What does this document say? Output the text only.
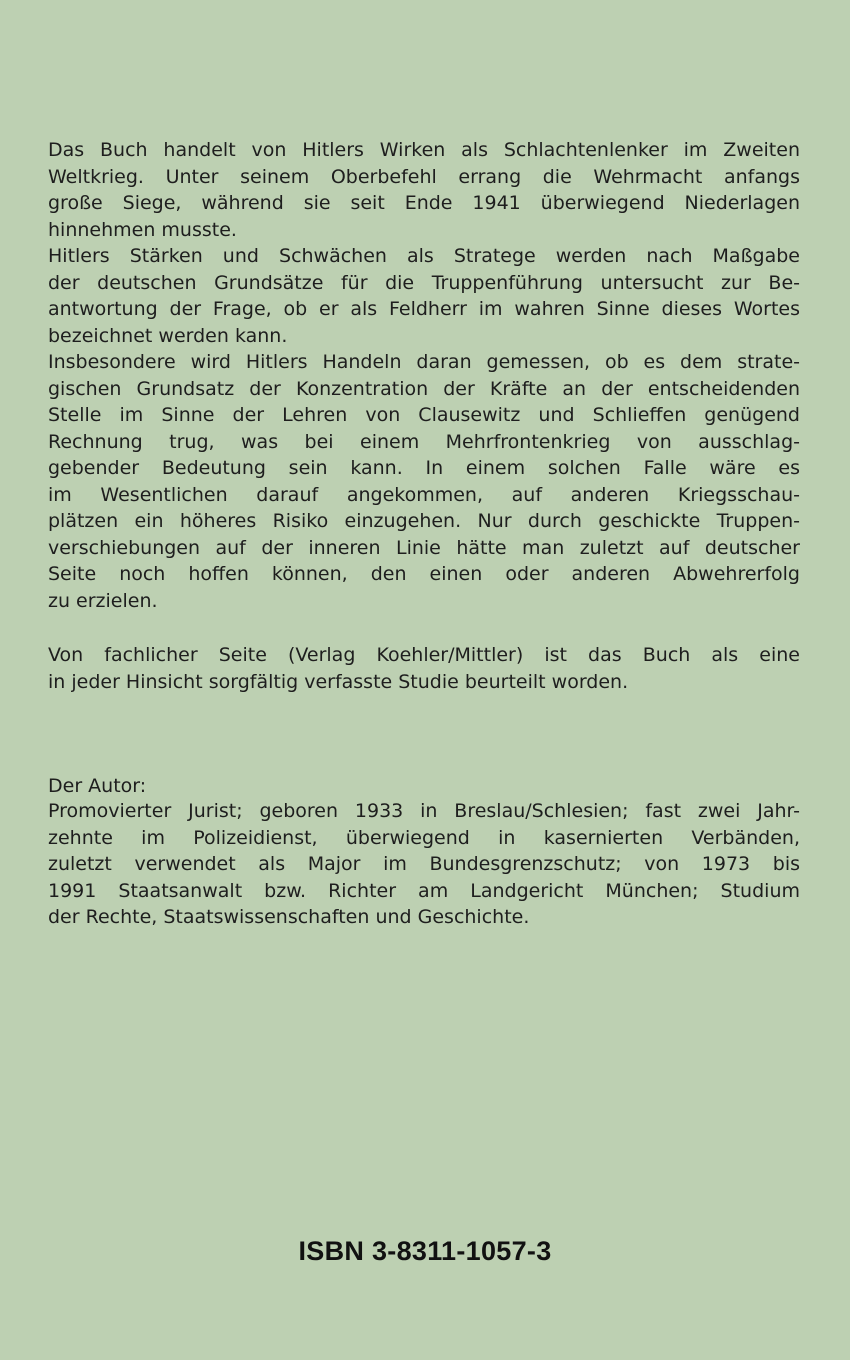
Das Buch handelt von Hitlers Wirken als Schlachtenlenker im Zweiten
Weltkrieg. Unter seinem Oberbefehl errang die Wehrmacht anfangs
große Siege, während sie seit Ende 1941 überwiegend Niederlagen
hinnehmen musste.

Hitlers Stärken und Schwächen als Stratege werden nach Maßgabe
der deutschen Grundsätze für die Truppenführung untersucht zur Be-
antwortung der Frage, ob er als Feldherr im wahren Sinne dieses Wortes
bezeichnet werden kann.

Insbesondere wird Hitlers Handeln daran gemessen, ob es dem strate-
gischen Grundsatz der Konzentration der Kräfte an der entscheidenden
Stelle im Sinne der Lehren von Clausewitz und Schlieffen genügend
Rechnung trug, was bei einem Mehrfrontenkrieg von ausschlag-
gebender Bedeutung sein kann. In einem solchen Falle wäre es
im Wesentlichen darauf angekommen, auf anderen Kriegsschau-
plätzen ein höheres Risiko einzugehen. Nur durch geschickte Truppen-
verschiebungen auf der inneren Linie hätte man zuletzt auf deutscher
Seite noch hoffen können, den einen oder anderen Abwehrerfolg
zu erzielen.

Von fachlicher Seite (Verlag Koehler/Mittler) ist das Buch als eine
in jeder Hinsicht sorgfältig verfasste Studie beurteilt worden.

Der Autor:

Promovierter Jurist; geboren 1933 in Breslau/Schlesien; fast zwei Jahr-
zehnte im Polizeidienst, überwiegend in kasernierten Verbänden,
zuletzt verwendet als Major im Bundesgrenzschutz; von 1973 bis
1991 Staatsanwalt bzw. Richter am Landgericht München; Studium
der Rechte, Staatswissenschaften und Geschichte.

ISBN 3-8311-1057-3
